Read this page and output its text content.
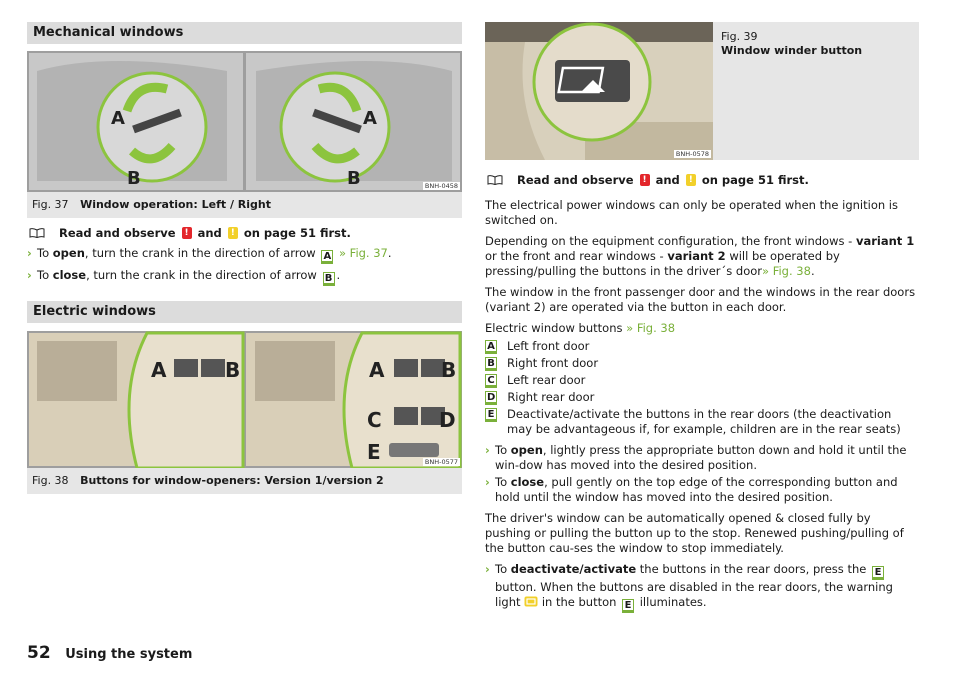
Mechanical windows
A
B
A
B	BNH-0458
Fig. 37 Window operation: Left / Right
Read and observe
!
and
!
on page 51 first.
› To open, turn the crank in the direction of arrow A » Fig. 37.
› To close, turn the crank in the direction of arrow B .
Electric windows
A	B	A	B
C	D
E	BNH-0577
Fig. 38 Buttons for window-openers: Version 1/version 2
BNH-0578
Fig. 39
Window winder button
Read and observe
!
and
!
on page 51 first.

The electrical power windows can only be operated when the ignition is switched on.

Depending on the equipment configuration, the front windows - variant 1 or the front and rear windows - variant 2 will be operated by pressing/pulling the buttons in the driver´s door» Fig. 38.

The window in the front passenger door and the windows in the rear doors (variant 2) are operated via the button in each door.

Electric window buttons » Fig. 38

A Left front door
B Right front door
C Left rear door
D Right rear door
E Deactivate/activate the buttons in the rear doors (the deactivation may be advantageous if, for example, children are in the rear seats)
› To open, lightly press the appropriate button down and hold it until the win-dow has moved into the desired position.
› To close, pull gently on the top edge of the corresponding button and hold until the window has moved into the desired position.

The driver's window can be automatically opened & closed fully by pushing or pulling the button up to the stop. Renewed pushing/pulling of the button cau-ses the window to stop immediately.

› To deactivate/activate the buttons in the rear doors, press the E button. When the buttons are disabled in the rear doors, the warning light in the button E illuminates.
52 Using the system
